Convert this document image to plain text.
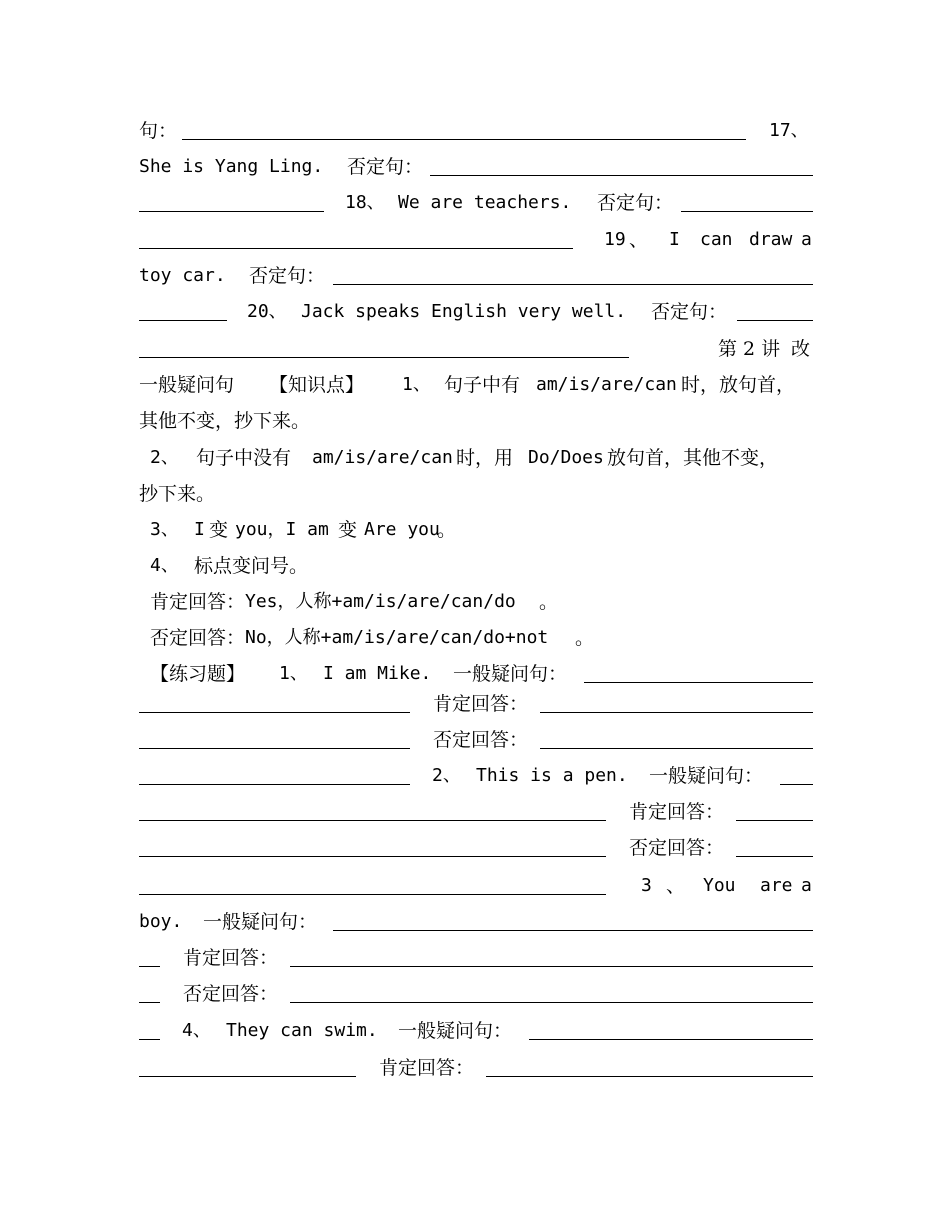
句：	17、
She is Yang Ling. 否定句：
18、 We are teachers. 否定句：
19 、 I can draw a
toy car. 否定句：
20、 Jack speaks English very well. 否定句：
第 2 讲 改
一般疑问句 【知识点】 1、 句子中有 am/is/are/can 时，放句首，
其他不变，抄下来。
2、 句子中没有 am/is/are/can 时，用 Do/Does 放句首，其他不变，
抄下来。
3、 I 变 you，I am 变 Are you
。
4、 标点变问号。
肯定回答： Yes，人称+am/is/are/can/do 。
否定回答： No，人称+am/is/are/can/do+not 。
【练习题】 1、 I am Mike. 一般疑问句：
肯定回答：
否定回答：
2、 This is a pen. 一般疑问句：
肯定回答：
否定回答：
3 、 You are a
boy. 一般疑问句：
肯定回答：
否定回答：
4、 They can swim. 一般疑问句：
肯定回答：
